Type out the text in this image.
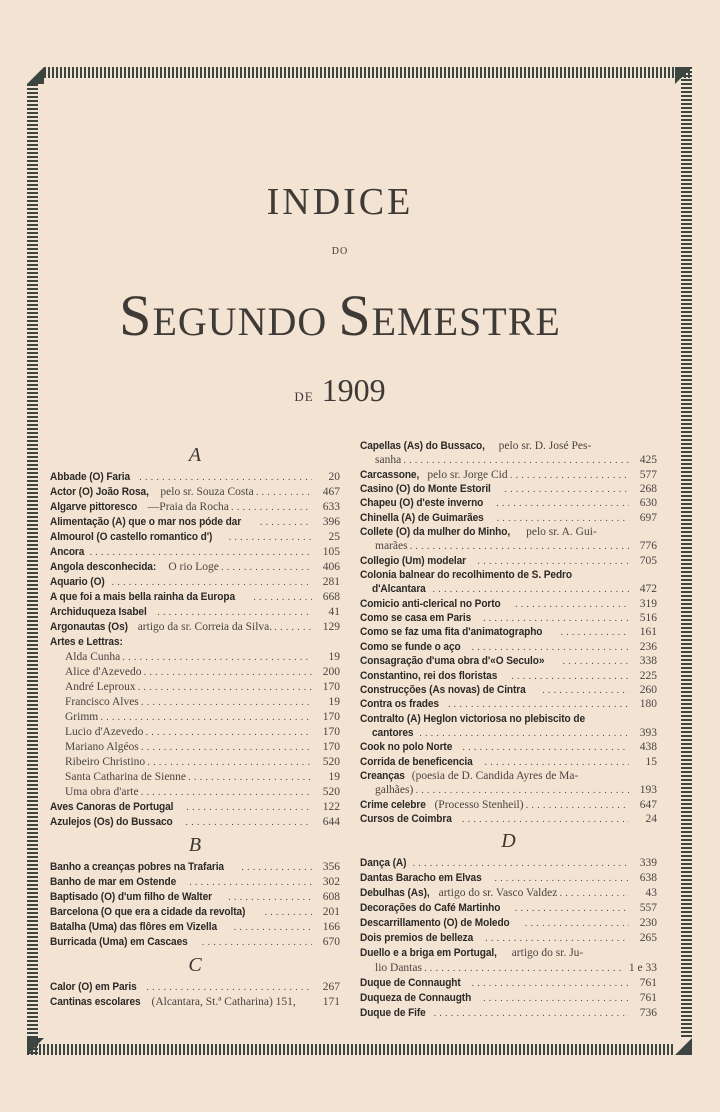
INDICE
DO
SEGUNDO SEMESTRE
DE 1909
A
Abbade (O) Faria . . .	20
Actor (O) João Rosa, pelo sr. Souza Costa . . .	467
Algarve pittoresco —Praia da Rocha . . .	633
Alimentação (A) que o mar nos póde dar . . .	396
Almourol (O castello romantico d') . . .	25
Ancora . . .	105
Angola desconhecida: O rio Loge . . .	406
Aquario (O) . . .	281
A que foi a mais bella rainha da Europa . . .	668
Archiduqueza Isabel . . .	41
Argonautas (Os) artigo da sr. Correia da Silva. . . .	129
Artes e Lettras:
Alda Cunha . . .	19
Alice d'Azevedo . . .	200
André Leproux . . .	170
Francisco Alves . . .	19
Grimm . . .	170
Lucio d'Azevedo . . .	170
Mariano Algéos . . .	170
Ribeiro Christino . . .	520
Santa Catharina de Sienne . . .	19
Uma obra d'arte . . .	520
Aves Canoras de Portugal . . .	122
Azulejos (Os) do Bussaco . . .	644
B
Banho a creanças pobres na Trafaria . . .	356
Banho de mar em Ostende . . .	302
Baptisado (O) d'um filho de Walter . . .	608
Barcelona (O que era a cidade da revolta) . . .	201
Batalha (Uma) das flôres em Vizella . . .	166
Burricada (Uma) em Cascaes . . .	670
C
Calor (O) em Paris . . .	267
Cantinas escolares (Alcantara, St.ª Catharina) 151,	171
Capellas (As) do Bussaco, pelo sr. D. José Pes-
sanha . . .	425
Carcassone, pelo sr. Jorge Cid . . .	577
Casino (O) do Monte Estoril . . .	268
Chapeu (O) d'este inverno . . .	630
Chinella (A) de Guimarães . . .	697
Collete (O) da mulher do Minho, pelo sr. A. Gui-
marães . . .	776
Collegio (Um) modelar . . .	705
Colonia balnear do recolhimento de S. Pedro
d'Alcantara . . .	472
Comicio anti-clerical no Porto . . .	319
Como se casa em Paris . . .	516
Como se faz uma fita d'animatographo . . .	161
Como se funde o aço . . .	236
Consagração d'uma obra d'«O Seculo» . . .	338
Constantino, rei dos floristas . . .	225
Construcções (As novas) de Cintra . . .	260
Contra os frades . . .	180
Contralto (A) Heglon victoriosa no plebiscito de
cantores . . .	393
Cook no polo Norte . . .	438
Corrida de beneficencia . . .	15
Creanças (poesia de D. Candida Ayres de Ma-
galhães) . . .	193
Crime celebre (Processo Stenheil) . . .	647
Cursos de Coimbra . . .	24
D
Dança (A) . . .	339
Dantas Baracho em Elvas . . .	638
Debulhas (As), artigo do sr. Vasco Valdez . . .	43
Decorações do Café Martinho . . .	557
Descarrillamento (O) de Moledo . . .	230
Dois premios de belleza . . .	265
Duello e a briga em Portugal, artigo do sr. Ju-
lio Dantas . . .	1 e 33
Duque de Connaught . . .	761
Duqueza de Connaugth . . .	761
Duque de Fife . . .	736
